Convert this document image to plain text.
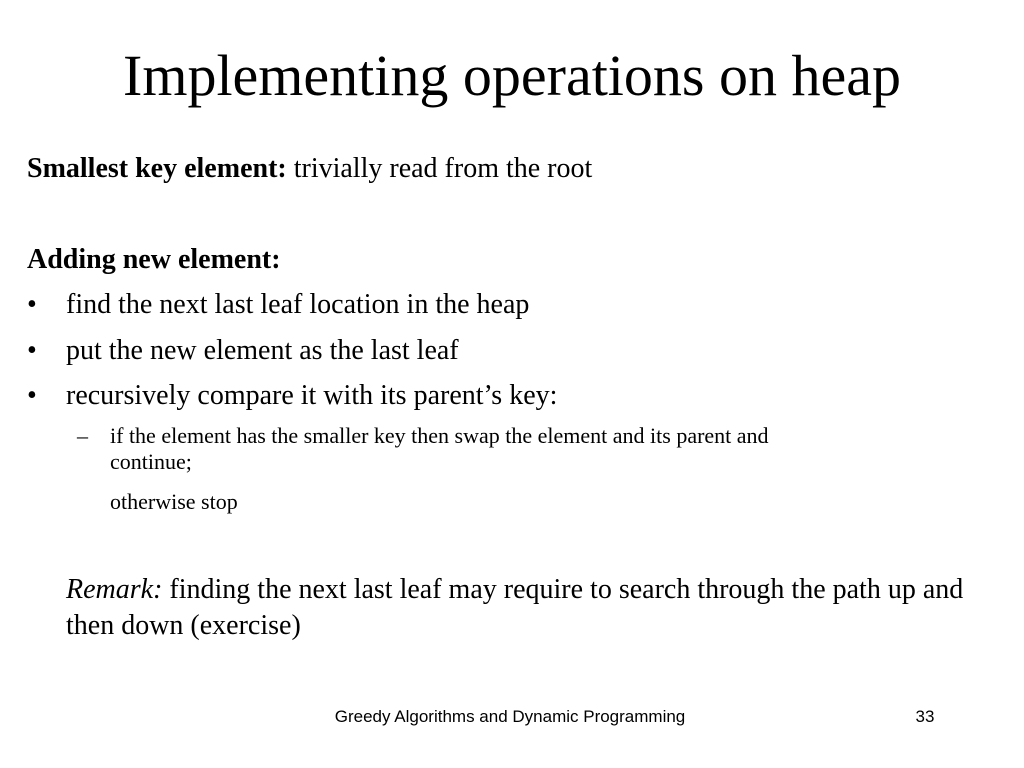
Implementing operations on heap
Smallest key element: trivially read from the root
Adding new element:
• find the next last leaf location in the heap
• put the new element as the last leaf
• recursively compare it with its parent’s key:
– if the element has the smaller key then swap the element and its parent and
continue;
otherwise stop
Remark: finding the next last leaf may require to search through the path up and then down (exercise)
Greedy Algorithms and Dynamic Programming	33
